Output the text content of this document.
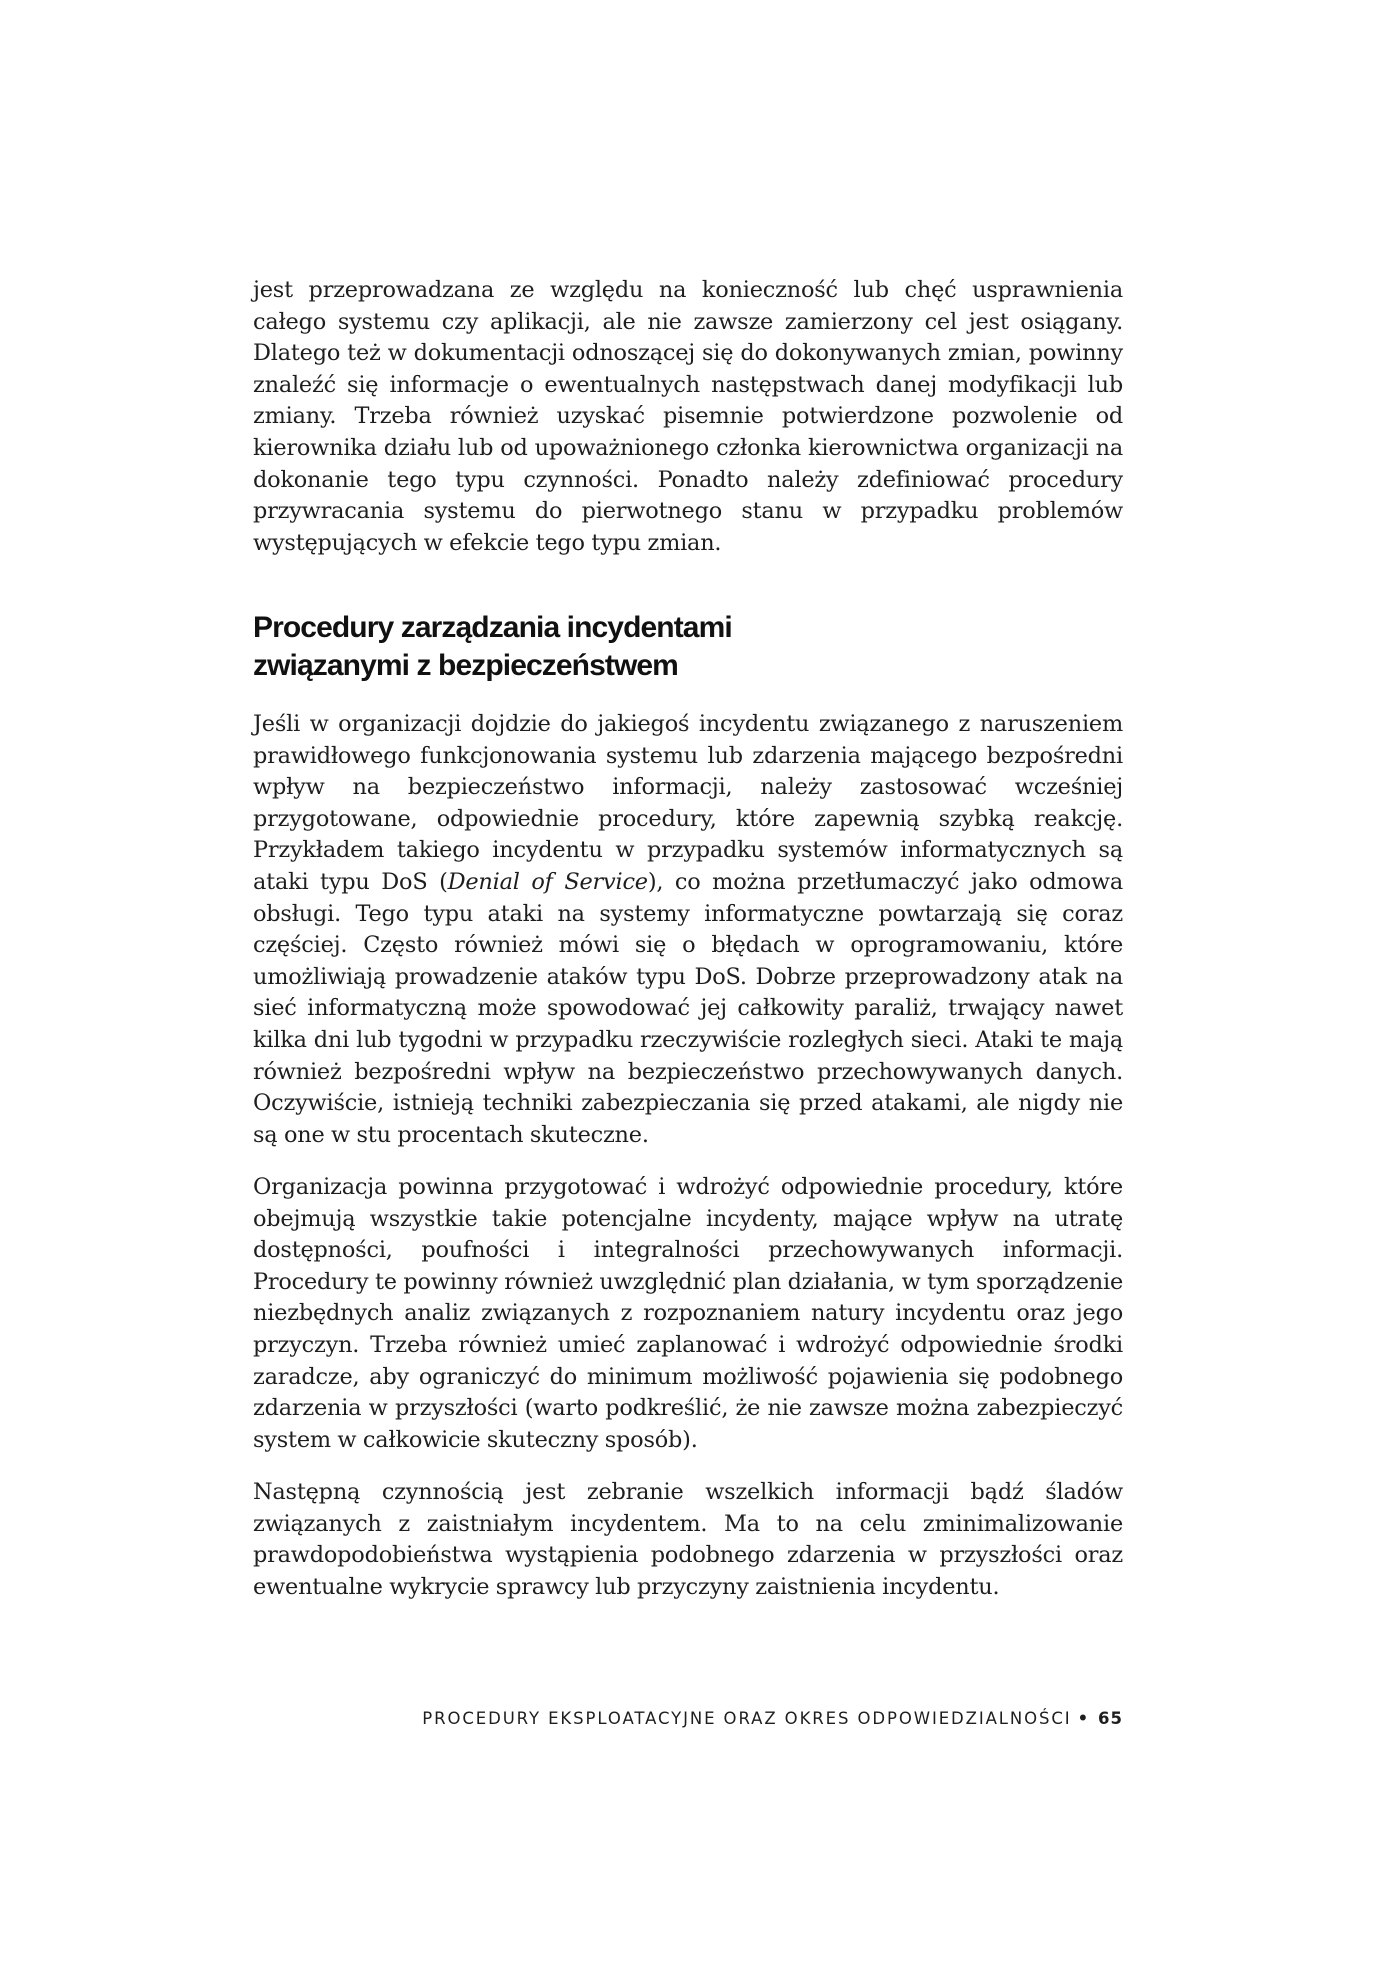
jest przeprowadzana ze względu na konieczność lub chęć usprawnienia całego systemu czy aplikacji, ale nie zawsze zamierzony cel jest osiągany. Dlatego też w dokumentacji odnoszącej się do dokonywanych zmian, powinny znaleźć się informacje o ewentualnych następstwach danej modyfikacji lub zmiany. Trzeba również uzyskać pisemnie potwierdzone pozwolenie od kierownika działu lub od upoważnionego członka kierownictwa organizacji na dokonanie tego typu czynności. Ponadto należy zdefiniować procedury przywracania systemu do pierwotnego stanu w przypadku problemów występujących w efekcie tego typu zmian.

Procedury zarządzania incydentami
związanymi z bezpieczeństwem

Jeśli w organizacji dojdzie do jakiegoś incydentu związanego z naruszeniem prawidłowego funkcjonowania systemu lub zdarzenia mającego bezpośredni wpływ na bezpieczeństwo informacji, należy zastosować wcześniej przygotowane, odpowiednie procedury, które zapewnią szybką reakcję. Przykładem takiego incydentu w przypadku systemów informatycznych są ataki typu DoS (Denial of Service), co można przetłumaczyć jako odmowa obsługi. Tego typu ataki na systemy informatyczne powtarzają się coraz częściej. Często również mówi się o błędach w oprogramowaniu, które umożliwiają prowadzenie ataków typu DoS. Dobrze przeprowadzony atak na sieć informatyczną może spowodować jej całkowity paraliż, trwający nawet kilka dni lub tygodni w przypadku rzeczywiście rozległych sieci. Ataki te mają również bezpośredni wpływ na bezpieczeństwo przechowywanych danych. Oczywiście, istnieją techniki zabezpieczania się przed atakami, ale nigdy nie są one w stu procentach skuteczne.

Organizacja powinna przygotować i wdrożyć odpowiednie procedury, które obejmują wszystkie takie potencjalne incydenty, mające wpływ na utratę dostępności, poufności i integralności przechowywanych informacji. Procedury te powinny również uwzględnić plan działania, w tym sporządzenie niezbędnych analiz związanych z rozpoznaniem natury incydentu oraz jego przyczyn. Trzeba również umieć zaplanować i wdrożyć odpowiednie środki zaradcze, aby ograniczyć do minimum możliwość pojawienia się podobnego zdarzenia w przyszłości (warto podkreślić, że nie zawsze można zabezpieczyć system w całkowicie skuteczny sposób).

Następną czynnością jest zebranie wszelkich informacji bądź śladów związanych z zaistniałym incydentem. Ma to na celu zminimalizowanie prawdopodobieństwa wystąpienia podobnego zdarzenia w przyszłości oraz ewentualne wykrycie sprawcy lub przyczyny zaistnienia incydentu.

PROCEDURY EKSPLOATACYJNE ORAZ OKRES ODPOWIEDZIALNOŚCI • 65
